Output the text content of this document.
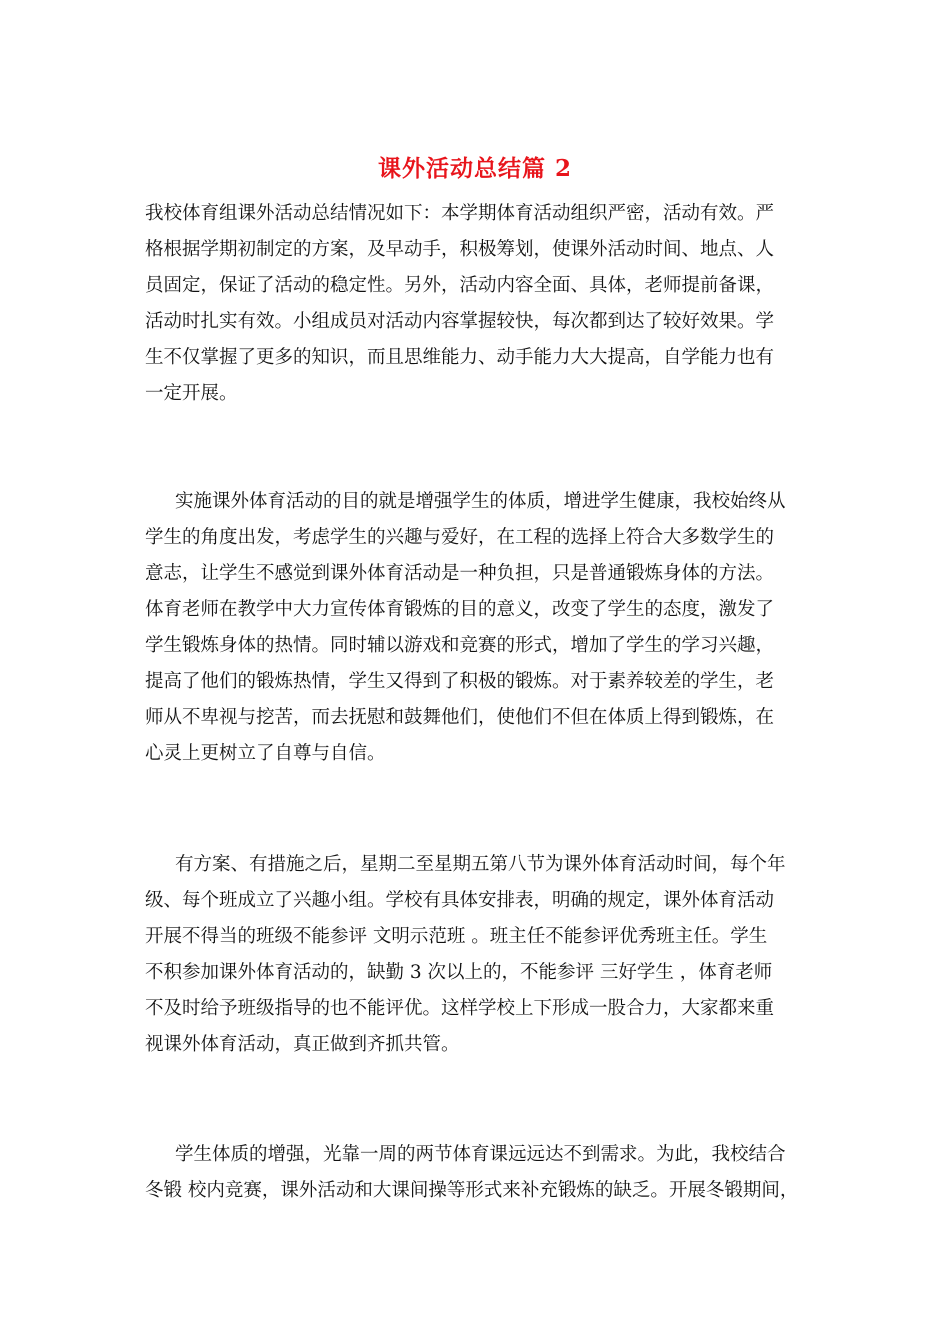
课外活动总结篇 2
我校体育组课外活动总结情况如下：本学期体育活动组织严密，活动有效。严
格根据学期初制定的方案，及早动手，积极筹划，使课外活动时间、地点、人
员固定，保证了活动的稳定性。另外，活动内容全面、具体，老师提前备课，
活动时扎实有效。小组成员对活动内容掌握较快，每次都到达了较好效果。学
生不仅掌握了更多的知识，而且思维能力、动手能力大大提高，自学能力也有
一定开展。
实施课外体育活动的目的就是增强学生的体质，增进学生健康，我校始终从
学生的角度出发，考虑学生的兴趣与爱好，在工程的选择上符合大多数学生的
意志，让学生不感觉到课外体育活动是一种负担，只是普通锻炼身体的方法。
体育老师在教学中大力宣传体育锻炼的目的意义，改变了学生的态度，激发了
学生锻炼身体的热情。同时辅以游戏和竞赛的形式，增加了学生的学习兴趣，
提高了他们的锻炼热情，学生又得到了积极的锻炼。对于素养较差的学生，老
师从不卑视与挖苦，而去抚慰和鼓舞他们，使他们不但在体质上得到锻炼，在
心灵上更树立了自尊与自信。
有方案、有措施之后，星期二至星期五第八节为课外体育活动时间，每个年
级、每个班成立了兴趣小组。学校有具体安排表，明确的规定，课外体育活动
开展不得当的班级不能参评 文明示范班 。班主任不能参评优秀班主任。学生
不积参加课外体育活动的，缺勤 3 次以上的，不能参评 三好学生 ，体育老师
不及时给予班级指导的也不能评优。这样学校上下形成一股合力，大家都来重
视课外体育活动，真正做到齐抓共管。
学生体质的增强，光靠一周的两节体育课远远达不到需求。为此，我校结合
冬锻 校内竞赛，课外活动和大课间操等形式来补充锻炼的缺乏。开展冬锻期间，
